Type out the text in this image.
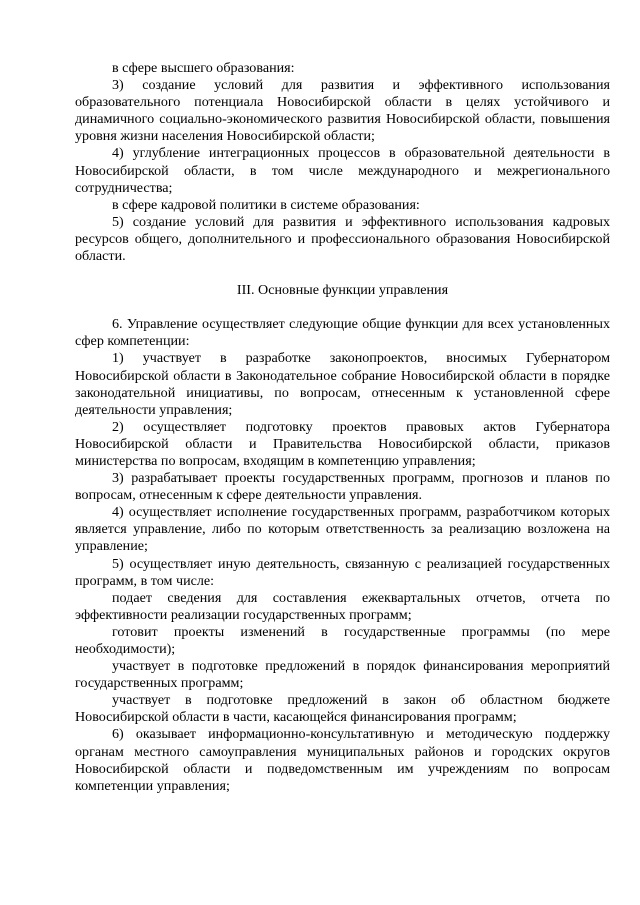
в сфере высшего образования:

3) создание условий для развития и эффективного использования образовательного потенциала Новосибирской области в целях устойчивого и динамичного социально-экономического развития Новосибирской области, повышения уровня жизни населения Новосибирской области;

4) углубление интеграционных процессов в образовательной деятельности в Новосибирской области, в том числе международного и межрегионального сотрудничества;

в сфере кадровой политики в системе образования:

5) создание условий для развития и эффективного использования кадровых ресурсов общего, дополнительного и профессионального образования Новосибирской области.

III. Основные функции управления

6. Управление осуществляет следующие общие функции для всех установленных сфер компетенции:

1) участвует в разработке законопроектов, вносимых Губернатором Новосибирской области в Законодательное собрание Новосибирской области в порядке законодательной инициативы, по вопросам, отнесенным к установленной сфере деятельности управления;

2) осуществляет подготовку проектов правовых актов Губернатора Новосибирской области и Правительства Новосибирской области, приказов министерства по вопросам, входящим в компетенцию управления;

3) разрабатывает проекты государственных программ, прогнозов и планов по вопросам, отнесенным к сфере деятельности управления.

4) осуществляет исполнение государственных программ, разработчиком которых является управление, либо по которым ответственность за реализацию возложена на управление;

5) осуществляет иную деятельность, связанную с реализацией государственных программ, в том числе:

подает сведения для составления ежеквартальных отчетов, отчета по эффективности реализации государственных программ;

готовит проекты изменений в государственные программы (по мере необходимости);

участвует в подготовке предложений в порядок финансирования мероприятий государственных программ;

участвует в подготовке предложений в закон об областном бюджете Новосибирской области в части, касающейся финансирования программ;

6) оказывает информационно-консультативную и методическую поддержку органам местного самоуправления муниципальных районов и городских округов Новосибирской области и подведомственным им учреждениям по вопросам компетенции управления;
